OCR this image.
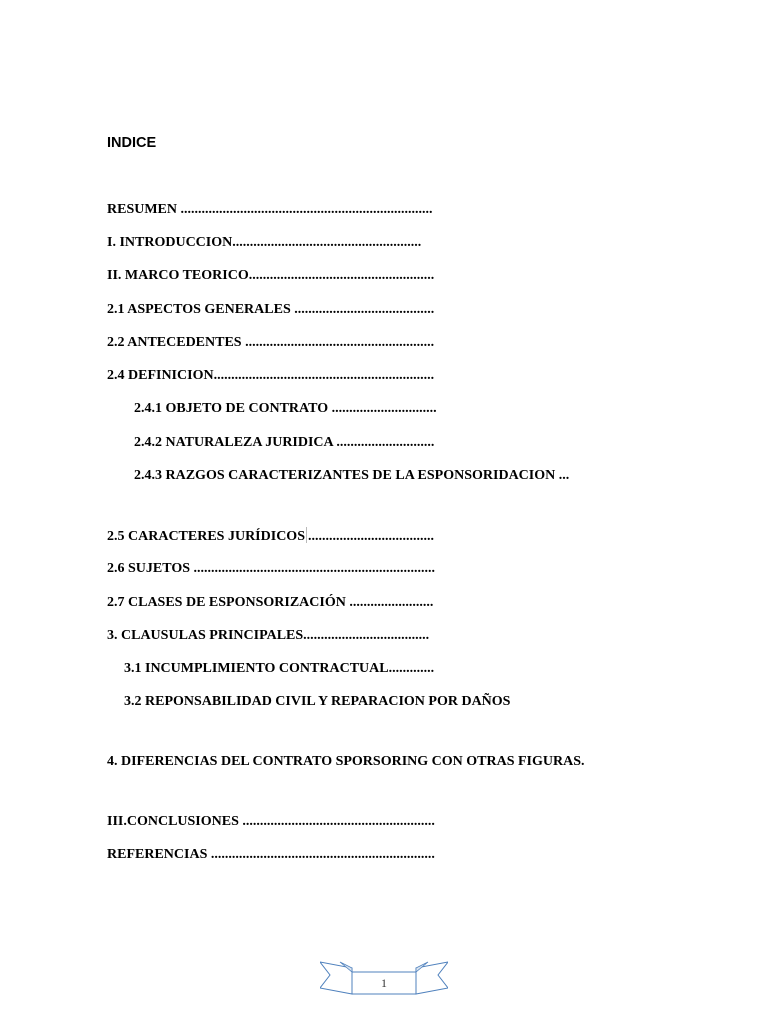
INDICE
RESUMEN ........................................................................
I. INTRODUCCION......................................................
II. MARCO TEORICO.....................................................
2.1 ASPECTOS GENERALES ........................................
2.2 ANTECEDENTES ......................................................
2.4 DEFINICION...............................................................
2.4.1 OBJETO DE CONTRATO ..............................
2.4.2 NATURALEZA JURIDICA ............................
2.4.3 RAZGOS CARACTERIZANTES DE LA ESPONSORIDACION ...
2.5 CARACTERES JURÍDICOS ....................................
2.6 SUJETOS .....................................................................
2.7 CLASES DE ESPONSORIZACIÓN ........................
3. CLAUSULAS PRINCIPALES....................................
3.1 INCUMPLIMIENTO CONTRACTUAL.............
3.2 REPONSABILIDAD CIVIL Y REPARACION POR DAÑOS
4. DIFERENCIAS DEL CONTRATO SPORSORING CON OTRAS FIGURAS.
III.CONCLUSIONES .......................................................
REFERENCIAS ................................................................
1
